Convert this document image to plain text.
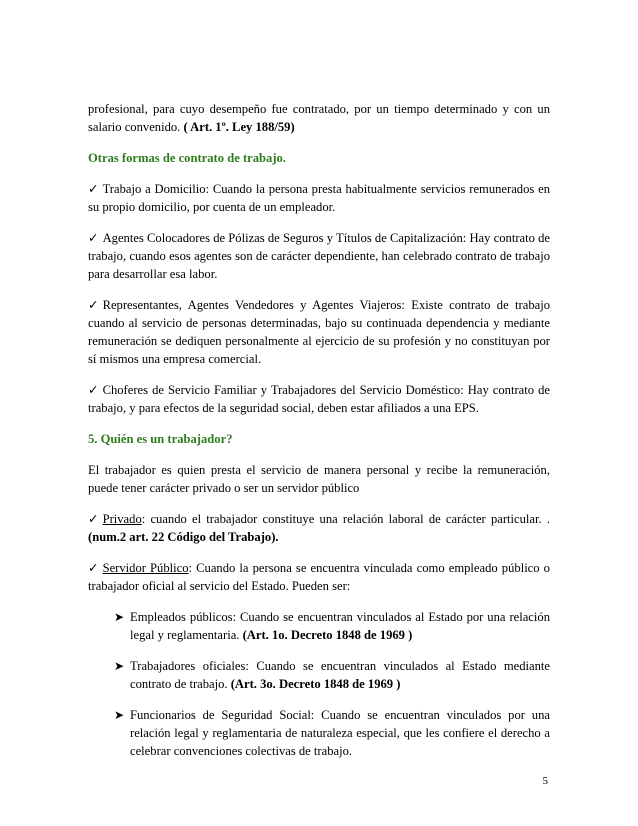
profesional, para cuyo desempeño fue contratado, por un tiempo determinado y con un salario convenido. ( Art. 1º. Ley 188/59)

Otras formas de contrato de trabajo.

✓ Trabajo a Domicilio: Cuando la persona presta habitualmente servicios remunerados en su propio domicilio, por cuenta de un empleador.

✓ Agentes Colocadores de Pólizas de Seguros y Títulos de Capitalización: Hay contrato de trabajo, cuando esos agentes son de carácter dependiente, han celebrado contrato de trabajo para desarrollar esa labor.

✓ Representantes, Agentes Vendedores y Agentes Viajeros: Existe contrato de trabajo cuando al servicio de personas determinadas, bajo su continuada dependencia y mediante remuneración se dediquen personalmente al ejercicio de su profesión y no constituyan por sí mismos una empresa comercial.

✓ Choferes de Servicio Familiar y Trabajadores del Servicio Doméstico: Hay contrato de trabajo, y para efectos de la seguridad social, deben estar afiliados a una EPS.

5. Quién es un trabajador?

El trabajador es quien presta el servicio de manera personal y recibe la remuneración, puede tener carácter privado o ser un servidor público

✓ Privado: cuando el trabajador constituye una relación laboral de carácter particular. . (num.2 art. 22 Código del Trabajo).

✓ Servidor Público: Cuando la persona se encuentra vinculada como empleado público o trabajador oficial al servicio del Estado. Pueden ser:

➤ Empleados públicos: Cuando se encuentran vinculados al Estado por una relación legal y reglamentaria. (Art. 1o. Decreto 1848 de 1969 )
➤ Trabajadores oficiales: Cuando se encuentran vinculados al Estado mediante contrato de trabajo. (Art. 3o. Decreto 1848 de 1969 )
➤ Funcionarios de Seguridad Social: Cuando se encuentran vinculados por una relación legal y reglamentaria de naturaleza especial, que les confiere el derecho a celebrar convenciones colectivas de trabajo.
5
